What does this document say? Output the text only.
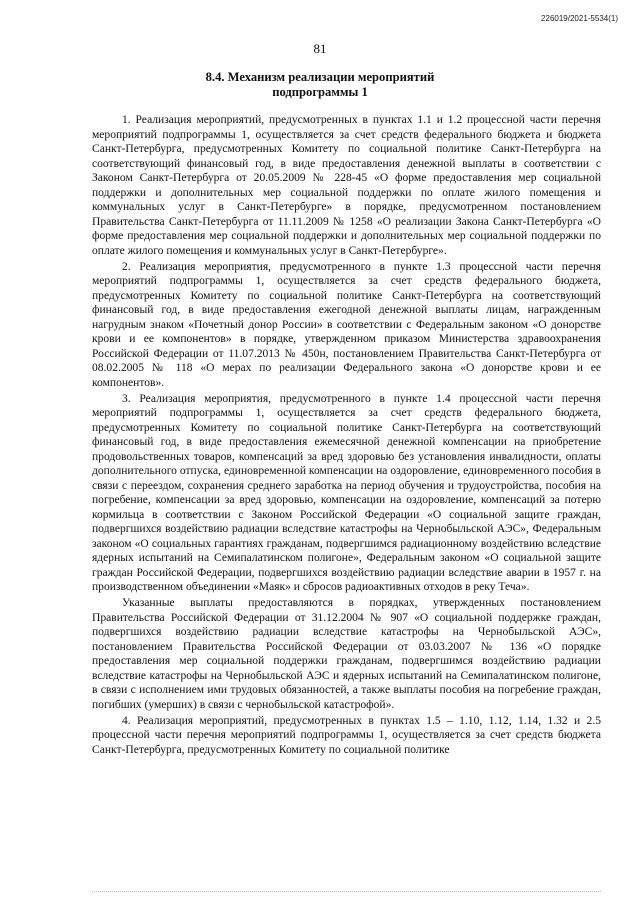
226019/2021-5534(1)
81
8.4. Механизм реализации мероприятий
подпрограммы 1

1. Реализация мероприятий, предусмотренных в пунктах 1.1 и 1.2 процессной части перечня мероприятий подпрограммы 1, осуществляется за счет средств федерального бюджета и бюджета Санкт-Петербурга, предусмотренных Комитету по социальной политике Санкт-Петербурга на соответствующий финансовый год, в виде предоставления денежной выплаты в соответствии с Законом Санкт-Петербурга от 20.05.2009 № 228-45 «О форме предоставления мер социальной поддержки и дополнительных мер социальной поддержки по оплате жилого помещения и коммунальных услуг в Санкт-Петербурге» в порядке, предусмотренном постановлением Правительства Санкт-Петербурга от 11.11.2009 № 1258 «О реализации Закона Санкт-Петербурга «О форме предоставления мер социальной поддержки и дополнительных мер социальной поддержки по оплате жилого помещения и коммунальных услуг в Санкт-Петербурге».

2. Реализация мероприятия, предусмотренного в пункте 1.3 процессной части перечня мероприятий подпрограммы 1, осуществляется за счет средств федерального бюджета, предусмотренных Комитету по социальной политике Санкт-Петербурга на соответствующий финансовый год, в виде предоставления ежегодной денежной выплаты лицам, награжденным нагрудным знаком «Почетный донор России» в соответствии с Федеральным законом «О донорстве крови и ее компонентов» в порядке, утвержденном приказом Министерства здравоохранения Российской Федерации от 11.07.2013 № 450н, постановлением Правительства Санкт-Петербурга от 08.02.2005 № 118 «О мерах по реализации Федерального закона «О донорстве крови и ее компонентов».

3. Реализация мероприятия, предусмотренного в пункте 1.4 процессной части перечня мероприятий подпрограммы 1, осуществляется за счет средств федерального бюджета, предусмотренных Комитету по социальной политике Санкт-Петербурга на соответствующий финансовый год, в виде предоставления ежемесячной денежной компенсации на приобретение продовольственных товаров, компенсаций за вред здоровью без установления инвалидности, оплаты дополнительного отпуска, единовременной компенсации на оздоровление, единовременного пособия в связи с переездом, сохранения среднего заработка на период обучения и трудоустройства, пособия на погребение, компенсации за вред здоровью, компенсации на оздоровление, компенсаций за потерю кормильца в соответствии с Законом Российской Федерации «О социальной защите граждан, подвергшихся воздействию радиации вследствие катастрофы на Чернобыльской АЭС», Федеральным законом «О социальных гарантиях гражданам, подвергшимся радиационному воздействию вследствие ядерных испытаний на Семипалатинском полигоне», Федеральным законом «О социальной защите граждан Российской Федерации, подвергшихся воздействию радиации вследствие аварии в 1957 г. на производственном объединении «Маяк» и сбросов радиоактивных отходов в реку Теча».

Указанные выплаты предоставляются в порядках, утвержденных постановлением Правительства Российской Федерации от 31.12.2004 № 907 «О социальной поддержке граждан, подвергшихся воздействию радиации вследствие катастрофы на Чернобыльской АЭС», постановлением Правительства Российской Федерации от 03.03.2007 № 136 «О порядке предоставления мер социальной поддержки гражданам, подвергшимся воздействию радиации вследствие катастрофы на Чернобыльской АЭС и ядерных испытаний на Семипалатинском полигоне, в связи с исполнением ими трудовых обязанностей, а также выплаты пособия на погребение граждан, погибших (умерших) в связи с чернобыльской катастрофой».

4. Реализация мероприятий, предусмотренных в пунктах 1.5 – 1.10, 1.12, 1.14, 1.32 и 2.5 процессной части перечня мероприятий подпрограммы 1, осуществляется за счет средств бюджета Санкт-Петербурга, предусмотренных Комитету по социальной политике
